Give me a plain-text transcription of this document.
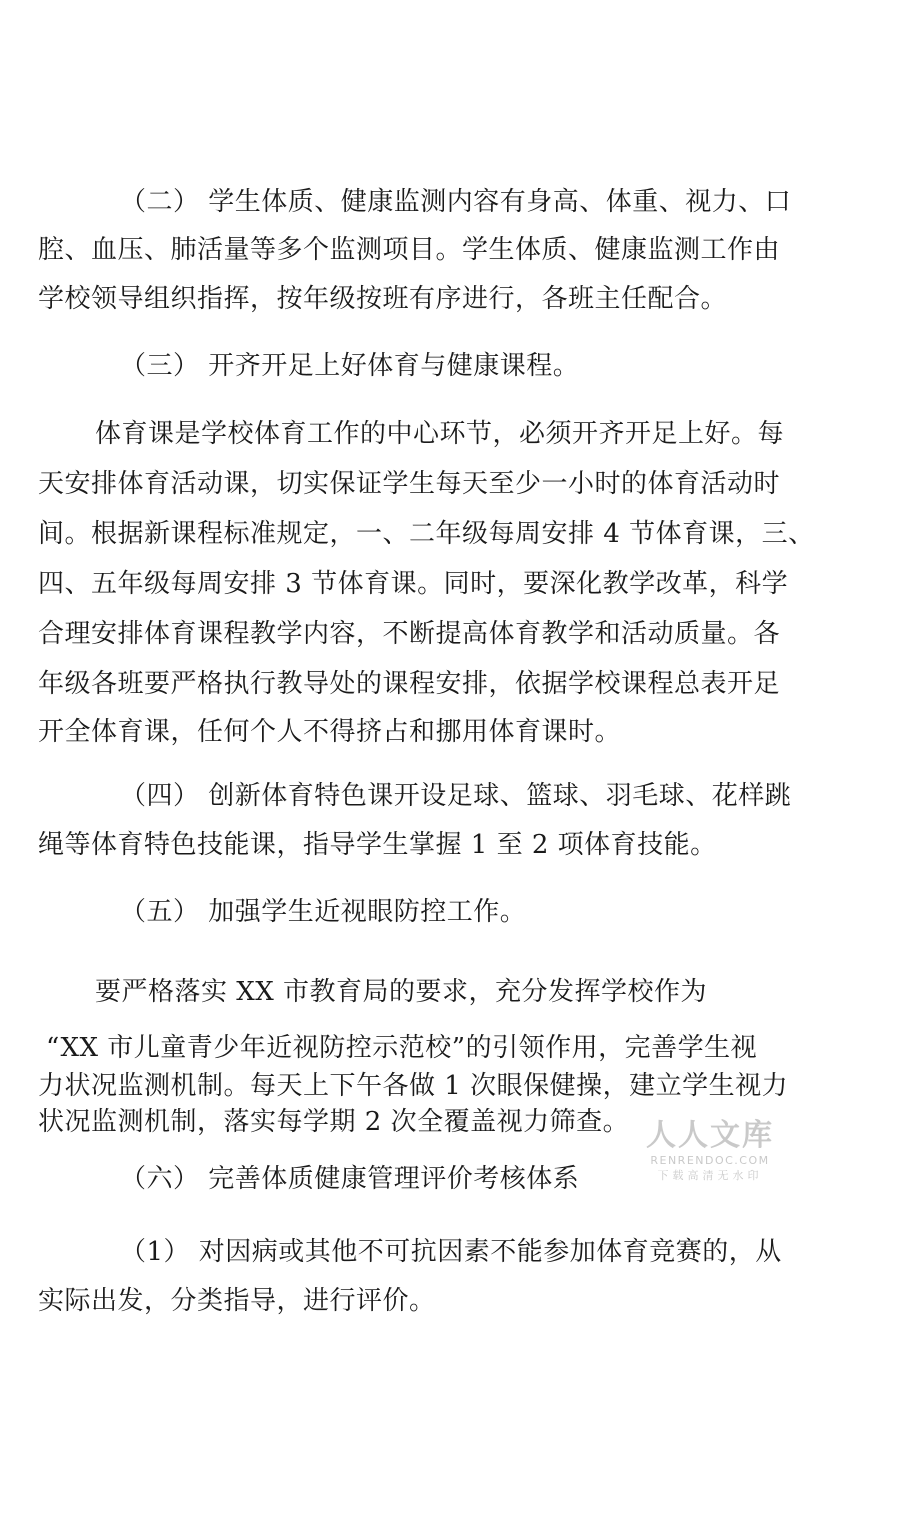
（二） 学生体质、健康监测内容有身高、体重、视力、口
腔、血压、肺活量等多个监测项目。学生体质、健康监测工作由
学校领导组织指挥，按年级按班有序进行，各班主任配合。
（三） 开齐开足上好体育与健康课程。
体育课是学校体育工作的中心环节，必须开齐开足上好。每
天安排体育活动课，切实保证学生每天至少一小时的体育活动时
间。根据新课程标准规定，一、二年级每周安排 4 节体育课，三、
四、五年级每周安排 3 节体育课。同时，要深化教学改革，科学
合理安排体育课程教学内容，不断提高体育教学和活动质量。各
年级各班要严格执行教导处的课程安排，依据学校课程总表开足
开全体育课，任何个人不得挤占和挪用体育课时。
（四） 创新体育特色课开设足球、篮球、羽毛球、花样跳
绳等体育特色技能课，指导学生掌握 1 至 2 项体育技能。
（五） 加强学生近视眼防控工作。
要严格落实 XX 市教育局的要求，充分发挥学校作为
“XX 市儿童青少年近视防控示范校”的引领作用，完善学生视
力状况监测机制。每天上下午各做 1 次眼保健操，建立学生视力
状况监测机制，落实每学期 2 次全覆盖视力筛查。
（六） 完善体质健康管理评价考核体系
（1） 对因病或其他不可抗因素不能参加体育竞赛的，从
实际出发，分类指导，进行评价。
人人文库
RENRENDOC.COM
下载高清无水印
